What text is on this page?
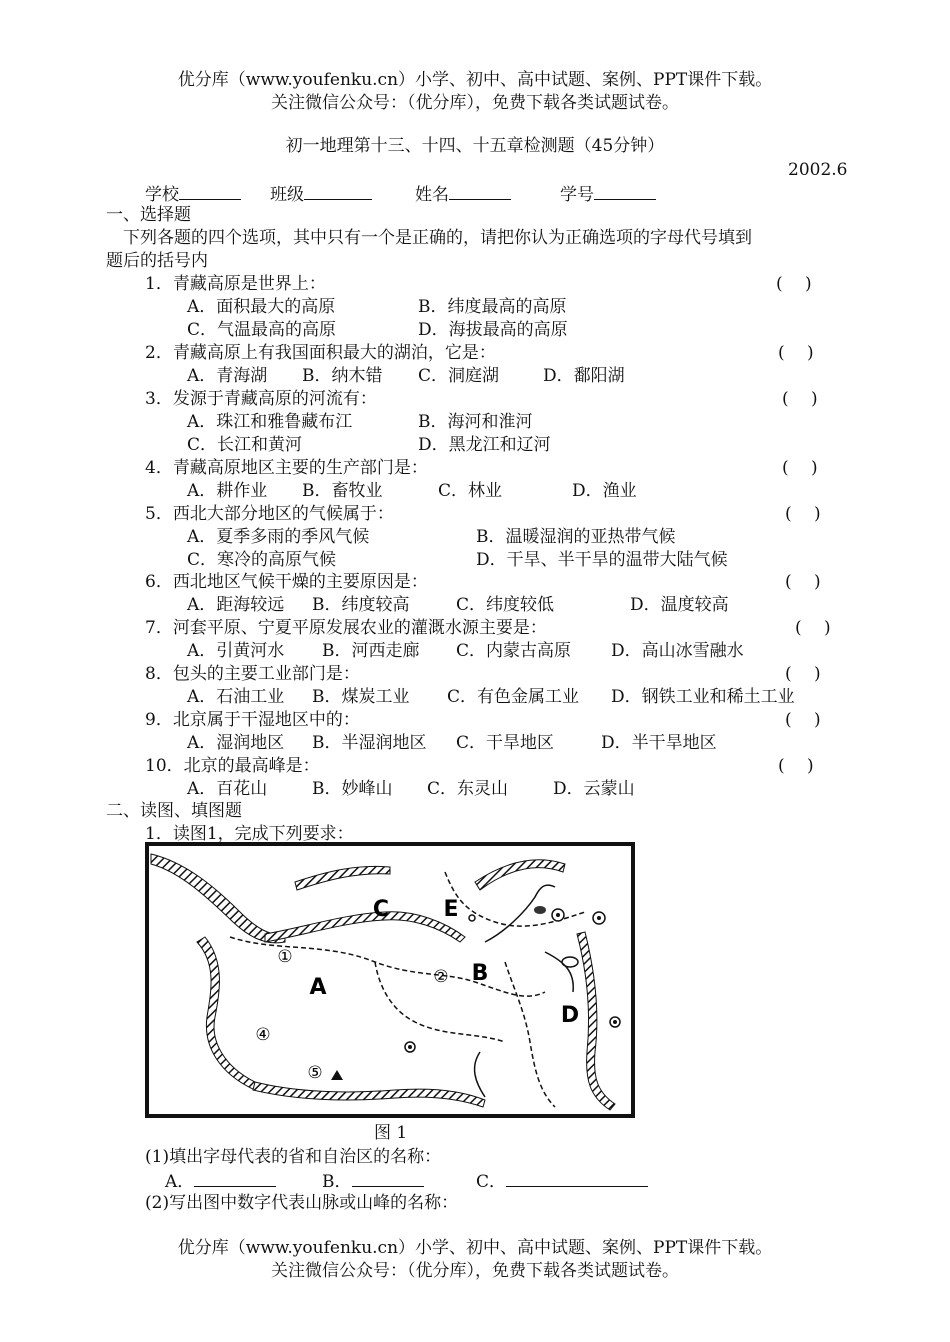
优分库（www.youfenku.cn）小学、初中、高中试题、案例、PPT课件下载。
关注微信公众号：（优分库），免费下载各类试题试卷。
初一地理第十三、十四、十五章检测题（45分钟）
2002.6
学校	班级	姓名	学号
一、选择题
下列各题的四个选项，其中只有一个是正确的，请把你认为正确选项的字母代号填到
题后的括号内
1．青藏高原是世界上：	(　 )
A．面积最大的高原	B．纬度最高的高原
C．气温最高的高原	D．海拔最高的高原
2．青藏高原上有我国面积最大的湖泊，它是：	(　 )
A．青海湖 B．纳木错 C．洞庭湖	D．鄱阳湖
3．发源于青藏高原的河流有：	(　 )
A．珠江和雅鲁藏布江	B．海河和淮河
C．长江和黄河	D．黑龙江和辽河
4．青藏高原地区主要的生产部门是：	(　 )
A．耕作业 B．畜牧业	C．林业	D．渔业
5．西北大部分地区的气候属于：	(　 )
A．夏季多雨的季风气候	B．温暖湿润的亚热带气候
C．寒冷的高原气候	D．干旱、半干旱的温带大陆气候
6．西北地区气候干燥的主要原因是：	(　 )
A．距海较远 B．纬度较高	C．纬度较低	D．温度较高
7．河套平原、宁夏平原发展农业的灌溉水源主要是：	(　 )
A．引黄河水 B．河西走廊 C．内蒙古高原 D．高山冰雪融水
8．包头的主要工业部门是：	(　 )
A．石油工业 B．煤炭工业 C．有色金属工业 D．钢铁工业和稀土工业
9．北京属于干湿地区中的：	(　 )
A．湿润地区 B．半湿润地区 C．干旱地区	D．半干旱地区
10．北京的最高峰是：	(　 )
A．百花山	B．妙峰山 C．东灵山	D．云蒙山
二、读图、填图题
1．读图1，完成下列要求：
A
B
C
D
E
①
②
④
⑤
图 1
(1)填出字母代表的省和自治区的名称：
A．	B．	C．
(2)写出图中数字代表山脉或山峰的名称：
优分库（www.youfenku.cn）小学、初中、高中试题、案例、PPT课件下载。
关注微信公众号：（优分库），免费下载各类试题试卷。
